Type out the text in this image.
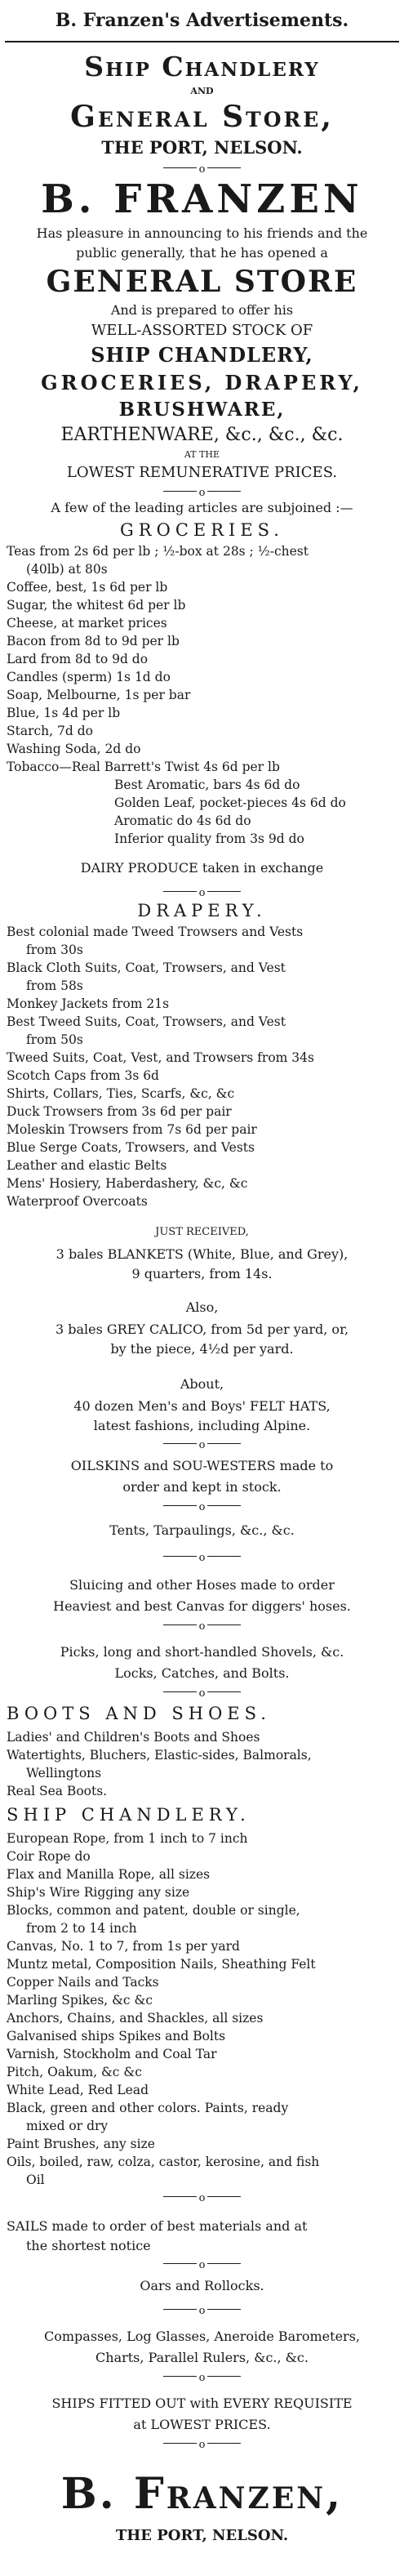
B. Franzen's Advertisements.
Ship Chandlery
AND
General Store,
THE PORT, NELSON.
o
B. FRANZEN
Has pleasure in announcing to his friends and the
public generally, that he has opened a
GENERAL STORE
And is prepared to offer his
WELL-ASSORTED STOCK OF
SHIP CHANDLERY,
GROCERIES, DRAPERY,
BRUSHWARE,
EARTHENWARE, &c., &c., &c.
AT THE
LOWEST REMUNERATIVE PRICES.
o
A few of the leading articles are subjoined :—
GROCERIES.
Teas from 2s 6d per lb ; ½-box at 28s ; ½-chest
(40lb) at 80s
Coffee, best, 1s 6d per lb
Sugar, the whitest 6d per lb
Cheese, at market prices
Bacon from 8d to 9d per lb
Lard from 8d to 9d do
Candles (sperm) 1s 1d do
Soap, Melbourne, 1s per bar
Blue, 1s 4d per lb
Starch, 7d do
Washing Soda, 2d do
Tobacco—Real Barrett's Twist 4s 6d per lb
Best Aromatic, bars 4s 6d do
Golden Leaf, pocket-pieces 4s 6d do
Aromatic do 4s 6d do
Inferior quality from 3s 9d do
DAIRY PRODUCE taken in exchange
o
DRAPERY.
Best colonial made Tweed Trowsers and Vests
from 30s
Black Cloth Suits, Coat, Trowsers, and Vest
from 58s
Monkey Jackets from 21s
Best Tweed Suits, Coat, Trowsers, and Vest
from 50s
Tweed Suits, Coat, Vest, and Trowsers from 34s
Scotch Caps from 3s 6d
Shirts, Collars, Ties, Scarfs, &c, &c
Duck Trowsers from 3s 6d per pair
Moleskin Trowsers from 7s 6d per pair
Blue Serge Coats, Trowsers, and Vests
Leather and elastic Belts
Mens' Hosiery, Haberdashery, &c, &c
Waterproof Overcoats
JUST RECEIVED,
3 bales BLANKETS (White, Blue, and Grey),
9 quarters, from 14s.
Also,
3 bales GREY CALICO, from 5d per yard, or,
by the piece, 4½d per yard.
About,
40 dozen Men's and Boys' FELT HATS,
latest fashions, including Alpine.
o
OILSKINS and SOU-WESTERS made to
order and kept in stock.
o
Tents, Tarpaulings, &c., &c.
o
Sluicing and other Hoses made to order
Heaviest and best Canvas for diggers' hoses.
o
Picks, long and short-handled Shovels, &c.
Locks, Catches, and Bolts.
o
BOOTS AND SHOES.
Ladies' and Children's Boots and Shoes
Watertights, Bluchers, Elastic-sides, Balmorals,
Wellingtons
Real Sea Boots.
SHIP CHANDLERY.
European Rope, from 1 inch to 7 inch
Coir Rope do
Flax and Manilla Rope, all sizes
Ship's Wire Rigging any size
Blocks, common and patent, double or single,
from 2 to 14 inch
Canvas, No. 1 to 7, from 1s per yard
Muntz metal, Composition Nails, Sheathing Felt
Copper Nails and Tacks
Marling Spikes, &c &c
Anchors, Chains, and Shackles, all sizes
Galvanised ships Spikes and Bolts
Varnish, Stockholm and Coal Tar
Pitch, Oakum, &c &c
White Lead, Red Lead
Black, green and other colors. Paints, ready
mixed or dry
Paint Brushes, any size
Oils, boiled, raw, colza, castor, kerosine, and fish
Oil
o
SAILS made to order of best materials and at
the shortest notice
o
Oars and Rollocks.
o
Compasses, Log Glasses, Aneroide Barometers,
Charts, Parallel Rulers, &c., &c.
o
SHIPS FITTED OUT with EVERY REQUISITE
at LOWEST PRICES.
o
B. Franzen,
THE PORT, NELSON.
